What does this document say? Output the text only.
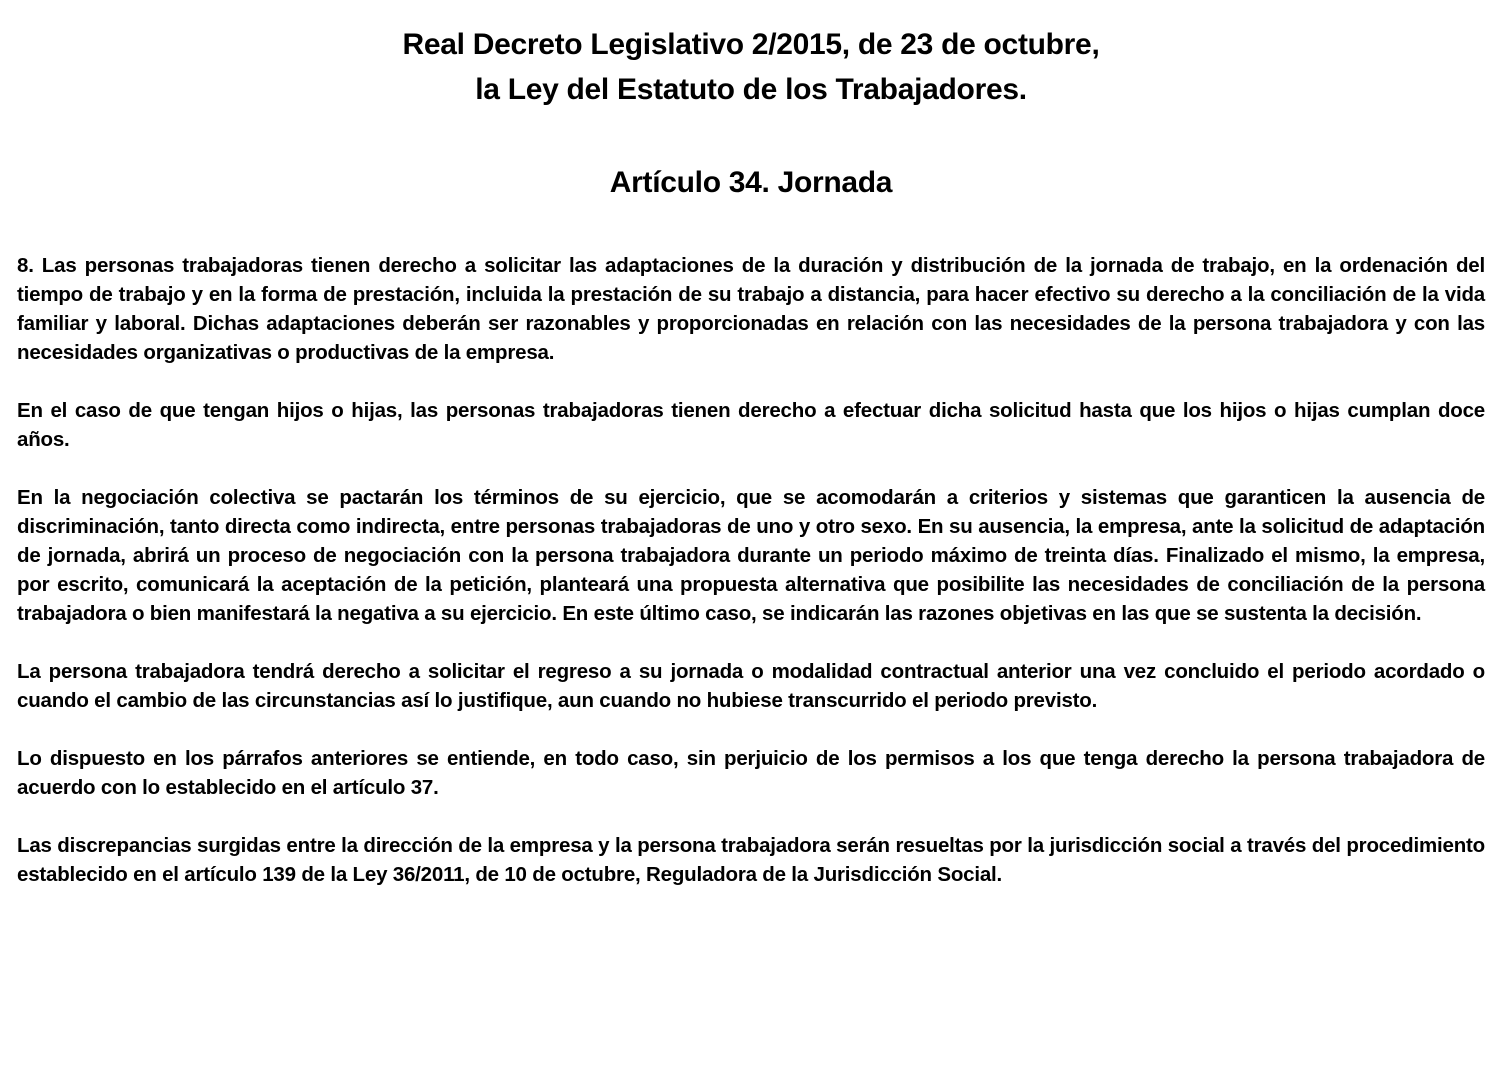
Real Decreto Legislativo 2/2015, de 23 de octubre,
la Ley del Estatuto de los Trabajadores.
Artículo 34. Jornada

8. Las personas trabajadoras tienen derecho a solicitar las adaptaciones de la duración y distribución de la jornada de trabajo, en la ordenación del tiempo de trabajo y en la forma de prestación, incluida la prestación de su trabajo a distancia, para hacer efectivo su derecho a la conciliación de la vida familiar y laboral. Dichas adaptaciones deberán ser razonables y proporcionadas en relación con las necesidades de la persona trabajadora y con las necesidades organizativas o productivas de la empresa.

En el caso de que tengan hijos o hijas, las personas trabajadoras tienen derecho a efectuar dicha solicitud hasta que los hijos o hijas cumplan doce años.

En la negociación colectiva se pactarán los términos de su ejercicio, que se acomodarán a criterios y sistemas que garanticen la ausencia de discriminación, tanto directa como indirecta, entre personas trabajadoras de uno y otro sexo. En su ausencia, la empresa, ante la solicitud de adaptación de jornada, abrirá un proceso de negociación con la persona trabajadora durante un periodo máximo de treinta días. Finalizado el mismo, la empresa, por escrito, comunicará la aceptación de la petición, planteará una propuesta alternativa que posibilite las necesidades de conciliación de la persona trabajadora o bien manifestará la negativa a su ejercicio. En este último caso, se indicarán las razones objetivas en las que se sustenta la decisión.

La persona trabajadora tendrá derecho a solicitar el regreso a su jornada o modalidad contractual anterior una vez concluido el periodo acordado o cuando el cambio de las circunstancias así lo justifique, aun cuando no hubiese transcurrido el periodo previsto.

Lo dispuesto en los párrafos anteriores se entiende, en todo caso, sin perjuicio de los permisos a los que tenga derecho la persona trabajadora de acuerdo con lo establecido en el artículo 37.

Las discrepancias surgidas entre la dirección de la empresa y la persona trabajadora serán resueltas por la jurisdicción social a través del procedimiento establecido en el artículo 139 de la Ley 36/2011, de 10 de octubre, Reguladora de la Jurisdicción Social.
